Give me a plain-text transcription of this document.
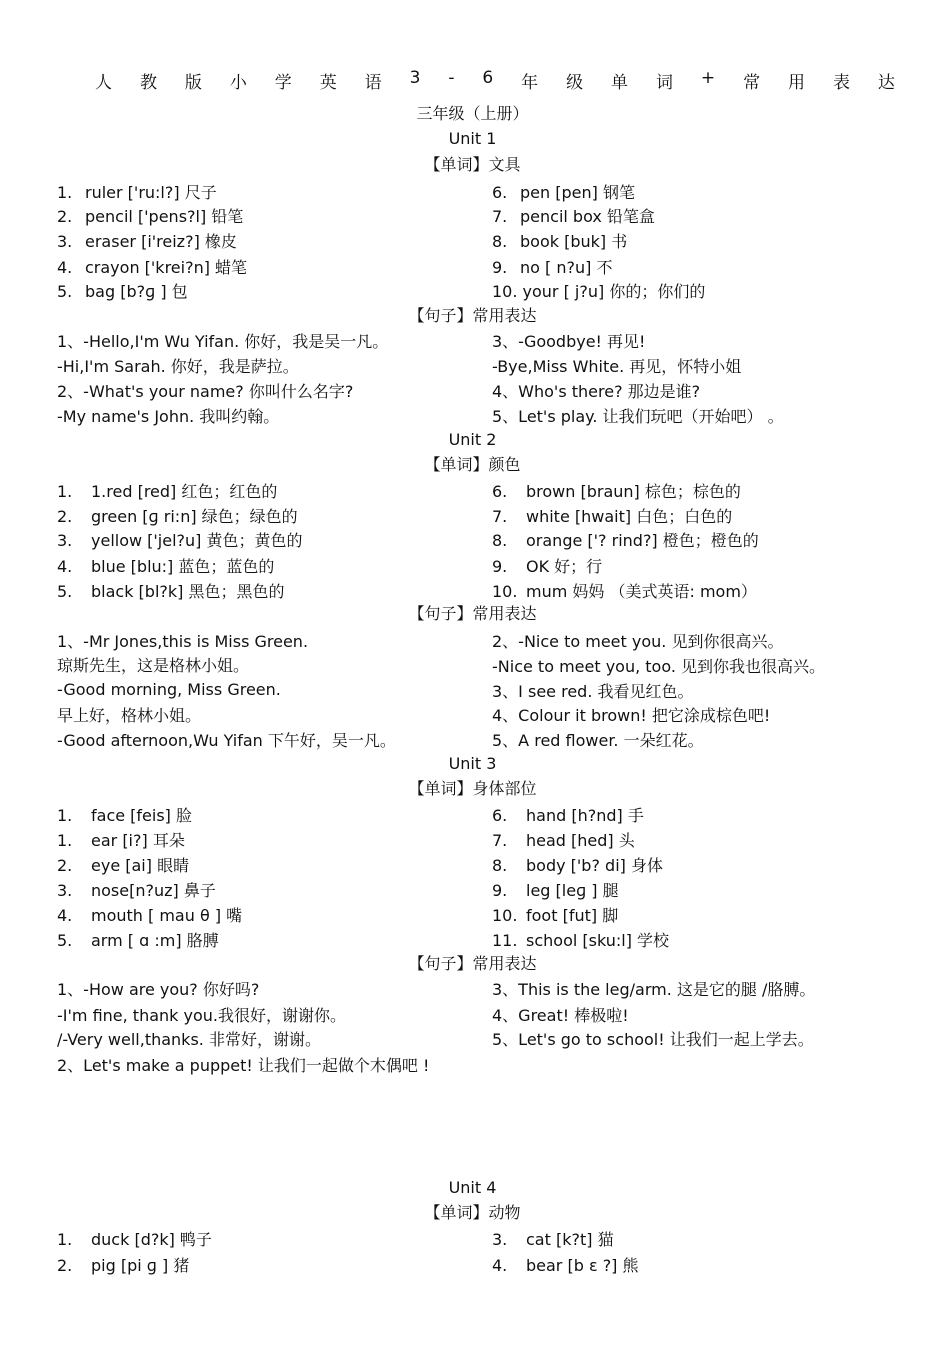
人 教 版 小 学 英 语 3 - 6 年 级 单 词 + 常 用 表 达
三年级（上册）
Unit 1
【单词】文具
1. ruler ['ru:l?] 尺子
2. pencil ['pens?l] 铅笔
3. eraser [i'reiz?] 橡皮
4. crayon ['krei?n] 蜡笔
5. bag [b?ɡ ] 包
6. pen [pen] 钢笔
7. pencil box 铅笔盒
8. book [buk] 书
9. no [ n?u] 不
10. your [ j?u] 你的；你们的
【句子】常用表达
1、-Hello,I'm Wu Yifan. 你好，我是吴一凡。
-Hi,I'm Sarah. 你好，我是萨拉。
2、-What's your name? 你叫什么名字?
-My name's John. 我叫约翰。
3、-Goodbye! 再见!
-Bye,Miss White. 再见，怀特小姐
4、Who's there? 那边是谁?
5、Let's play. 让我们玩吧（开始吧） 。
Unit 2
【单词】颜色
1. 1.red [red] 红色；红色的
2. green [ɡ ri:n] 绿色；绿色的
3. yellow ['jel?u] 黄色；黄色的
4. blue [blu:] 蓝色；蓝色的
5. black [bl?k] 黑色；黑色的
6. brown [braun] 棕色；棕色的
7. white [hwait] 白色；白色的
8. orange ['? rind?] 橙色；橙色的
9. OK 好；行
10. mum 妈妈 （美式英语: mom）
【句子】常用表达
1、-Mr Jones,this is Miss Green.
琼斯先生，这是格林小姐。
-Good morning, Miss Green.
早上好，格林小姐。
-Good afternoon,Wu Yifan 下午好，吴一凡。
2、-Nice to meet you. 见到你很高兴。
-Nice to meet you, too. 见到你我也很高兴。
3、I see red. 我看见红色。
4、Colour it brown! 把它涂成棕色吧!
5、A red flower. 一朵红花。
Unit 3
【单词】身体部位
1. face [feis] 脸
1. ear [i?] 耳朵
2. eye [ai] 眼睛
3. nose[n?uz] 鼻子
4. mouth [ mau θ ] 嘴
5. arm [ ɑ :m] 胳膊
6. hand [h?nd] 手
7. head [hed] 头
8. body ['b? di] 身体
9. leg [leɡ ] 腿
10. foot [fut] 脚
11. school [sku:l] 学校
【句子】常用表达
1、-How are you? 你好吗?
-I'm fine, thank you.我很好，谢谢你。
/-Very well,thanks. 非常好，谢谢。
2、Let's make a puppet! 让我们一起做个木偶吧 !
3、This is the leg/arm. 这是它的腿 /胳膊。
4、Great! 棒极啦!
5、Let's go to school! 让我们一起上学去。
Unit 4
【单词】动物
1. duck [d?k] 鸭子
2. pig [pi ɡ ] 猪
3. cat [k?t] 猫
4. bear [b ε ?] 熊
